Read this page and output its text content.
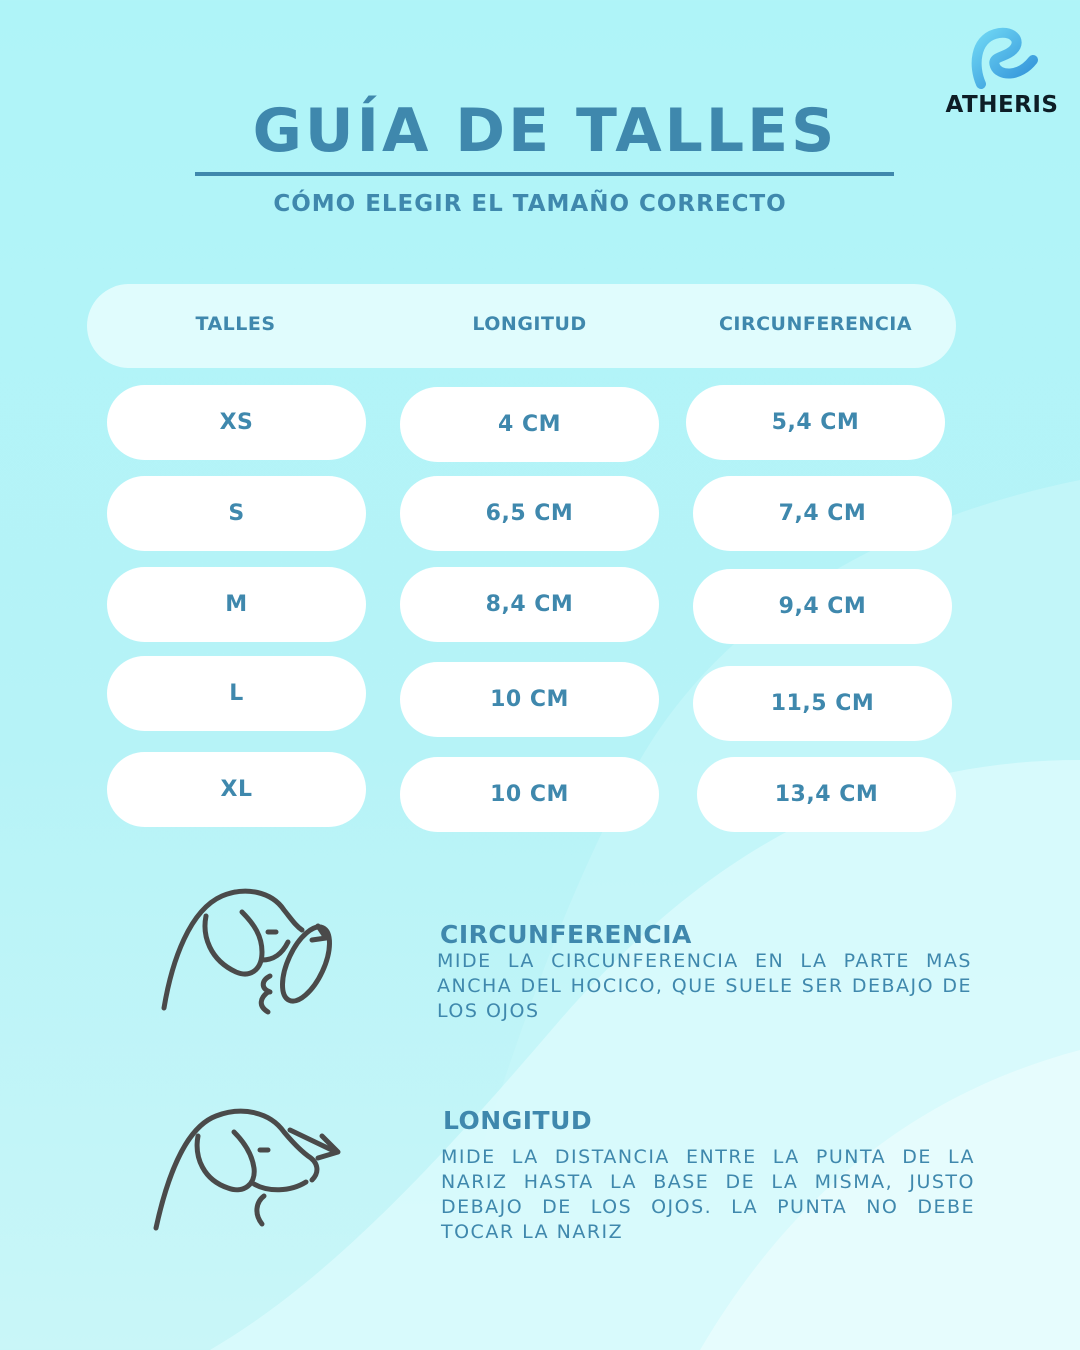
ATHERIS
GUÍA DE TALLES
CÓMO ELEGIR EL TAMAÑO CORRECTO
TALLES	LONGITUD	CIRCUNFERENCIA
XS	4 CM	5,4 CM
S	6,5 CM	7,4 CM
M	8,4 CM	9,4 CM
L	10 CM	11,5 CM
XL	10 CM	13,4 CM
CIRCUNFERENCIA
MIDE LA CIRCUNFERENCIA EN LA PARTE MAS ANCHA DEL HOCICO, QUE SUELE SER DEBAJO DE LOS OJOS
LONGITUD
MIDE LA DISTANCIA ENTRE LA PUNTA DE LA NARIZ HASTA LA BASE DE LA MISMA, JUSTO DEBAJO DE LOS OJOS. LA PUNTA NO DEBE TOCAR LA NARIZ
